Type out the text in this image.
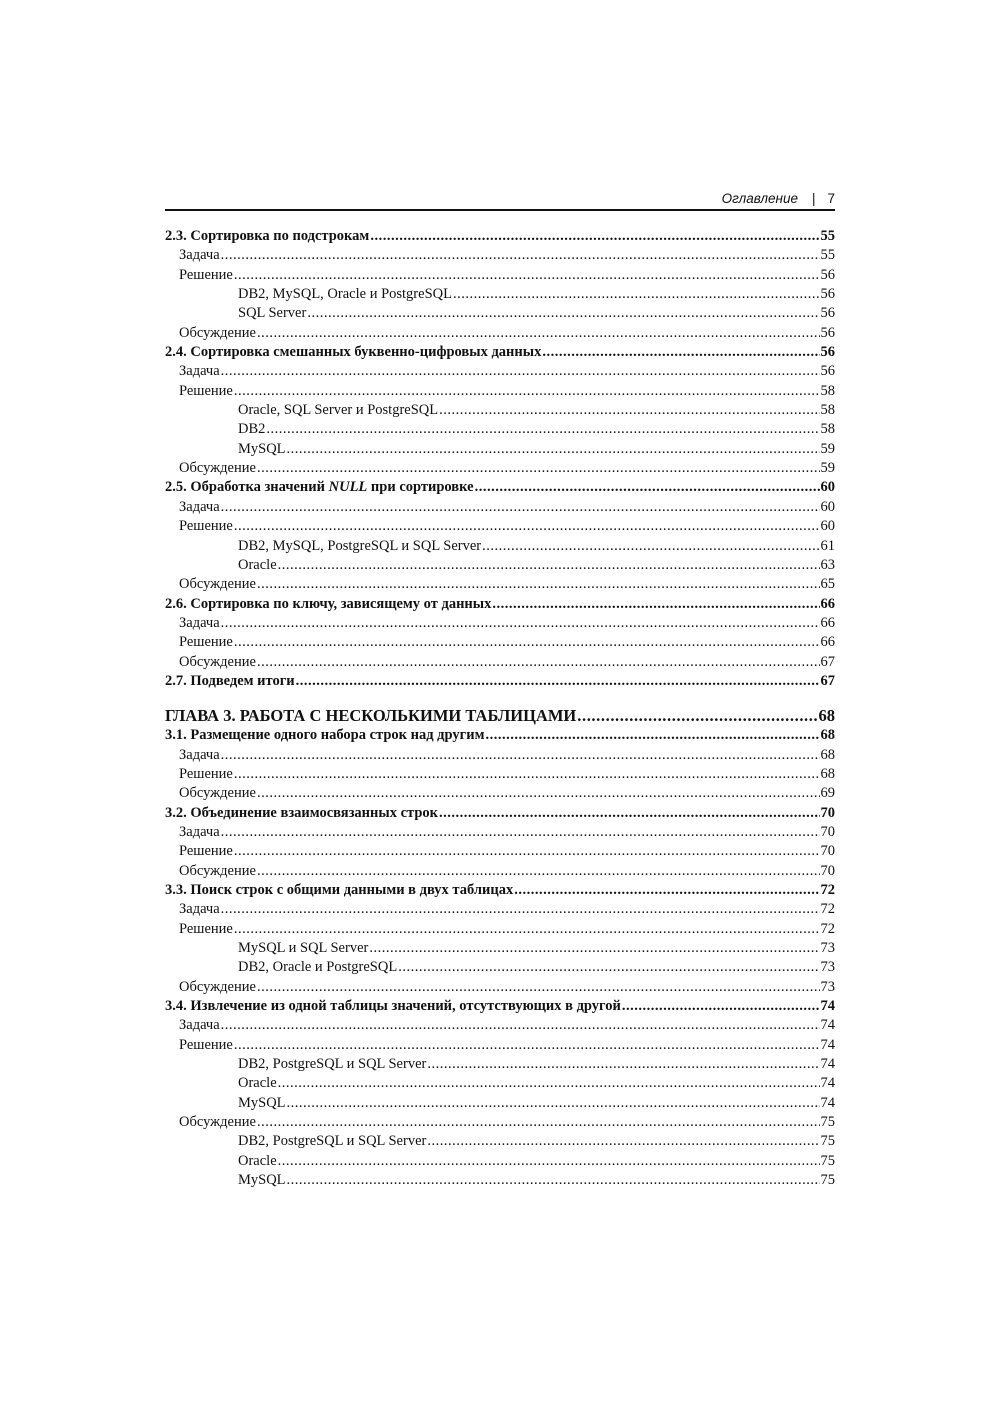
Оглавление | 7
2.3. Сортировка по подстрокам .....	55
Задача .....	55
Решение .....	56
DB2, MySQL, Oracle и PostgreSQL .....	56
SQL Server .....	56
Обсуждение .....	56
2.4. Сортировка смешанных буквенно-цифровых данных .....	56
Задача .....	56
Решение .....	58
Oracle, SQL Server и PostgreSQL .....	58
DB2 .....	58
MySQL .....	59
Обсуждение .....	59
2.5. Обработка значений NULL при сортировке .....	60
Задача .....	60
Решение .....	60
DB2, MySQL, PostgreSQL и SQL Server .....	61
Oracle .....	63
Обсуждение .....	65
2.6. Сортировка по ключу, зависящему от данных .....	66
Задача .....	66
Решение .....	66
Обсуждение .....	67
2.7. Подведем итоги .....	67
ГЛАВА 3. РАБОТА С НЕСКОЛЬКИМИ ТАБЛИЦАМИ .....	68
3.1. Размещение одного набора строк над другим .....	68
Задача .....	68
Решение .....	68
Обсуждение .....	69
3.2. Объединение взаимосвязанных строк .....	70
Задача .....	70
Решение .....	70
Обсуждение .....	70
3.3. Поиск строк с общими данными в двух таблицах .....	72
Задача .....	72
Решение .....	72
MySQL и SQL Server .....	73
DB2, Oracle и PostgreSQL .....	73
Обсуждение .....	73
3.4. Извлечение из одной таблицы значений, отсутствующих в другой .....	74
Задача .....	74
Решение .....	74
DB2, PostgreSQL и SQL Server .....	74
Oracle .....	74
MySQL .....	74
Обсуждение .....	75
DB2, PostgreSQL и SQL Server .....	75
Oracle .....	75
MySQL .....	75
